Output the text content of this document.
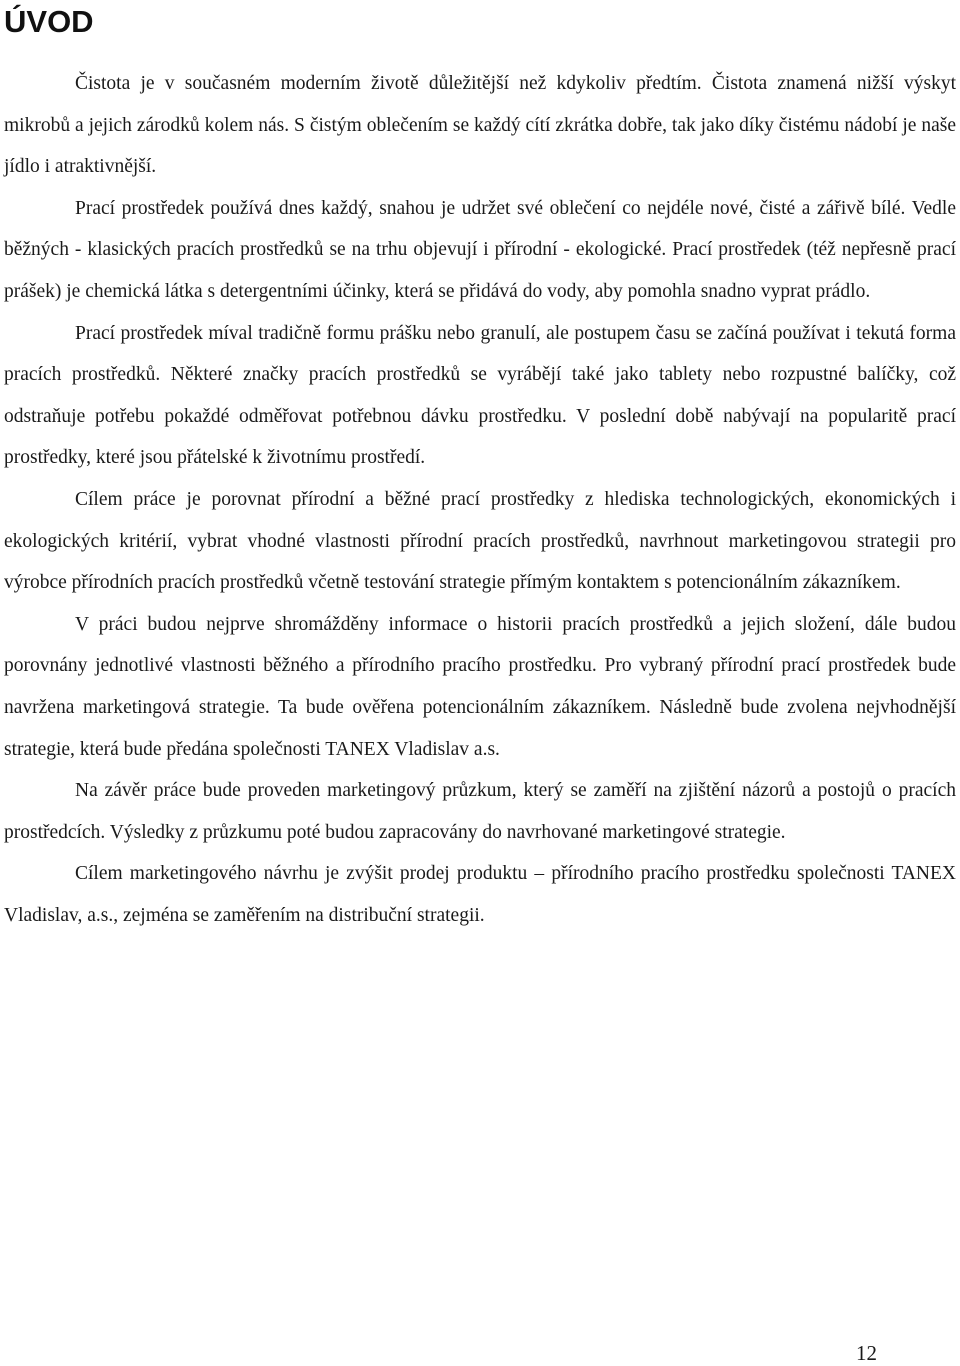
ÚVOD

Čistota je v současném moderním životě důležitější než kdykoliv předtím. Čistota znamená nižší výskyt mikrobů a jejich zárodků kolem nás. S čistým oblečením se každý cítí zkrátka dobře, tak jako díky čistému nádobí je naše jídlo i atraktivnější.

Prací prostředek používá dnes každý, snahou je udržet své oblečení co nejdéle nové, čisté a zářivě bílé. Vedle běžných - klasických pracích prostředků se na trhu objevují i přírodní - ekologické. Prací prostředek (též nepřesně prací prášek) je chemická látka s detergentními účinky, která se přidává do vody, aby pomohla snadno vyprat prádlo.

Prací prostředek míval tradičně formu prášku nebo granulí, ale postupem času se začíná používat i tekutá forma pracích prostředků. Některé značky pracích prostředků se vyrábějí také jako tablety nebo rozpustné balíčky, což odstraňuje potřebu pokaždé odměřovat potřebnou dávku prostředku. V poslední době nabývají na popularitě prací prostředky, které jsou přátelské k životnímu prostředí.

Cílem práce je porovnat přírodní a běžné prací prostředky z hlediska technologických, ekonomických i ekologických kritérií, vybrat vhodné vlastnosti přírodní pracích prostředků, navrhnout marketingovou strategii pro výrobce přírodních pracích prostředků včetně testování strategie přímým kontaktem s potencionálním zákazníkem.

V práci budou nejprve shromážděny informace o historii pracích prostředků a jejich složení, dále budou porovnány jednotlivé vlastnosti běžného a přírodního pracího prostředku. Pro vybraný přírodní prací prostředek bude navržena marketingová strategie. Ta bude ověřena potencionálním zákazníkem. Následně bude zvolena nejvhodnější strategie, která bude předána společnosti TANEX Vladislav a.s.

Na závěr práce bude proveden marketingový průzkum, který se zaměří na zjištění názorů a postojů o pracích prostředcích. Výsledky z průzkumu poté budou zapracovány do navrhované marketingové strategie.

Cílem marketingového návrhu je zvýšit prodej produktu – přírodního pracího prostředku společnosti TANEX Vladislav, a.s., zejména se zaměřením na distribuční strategii.

12
